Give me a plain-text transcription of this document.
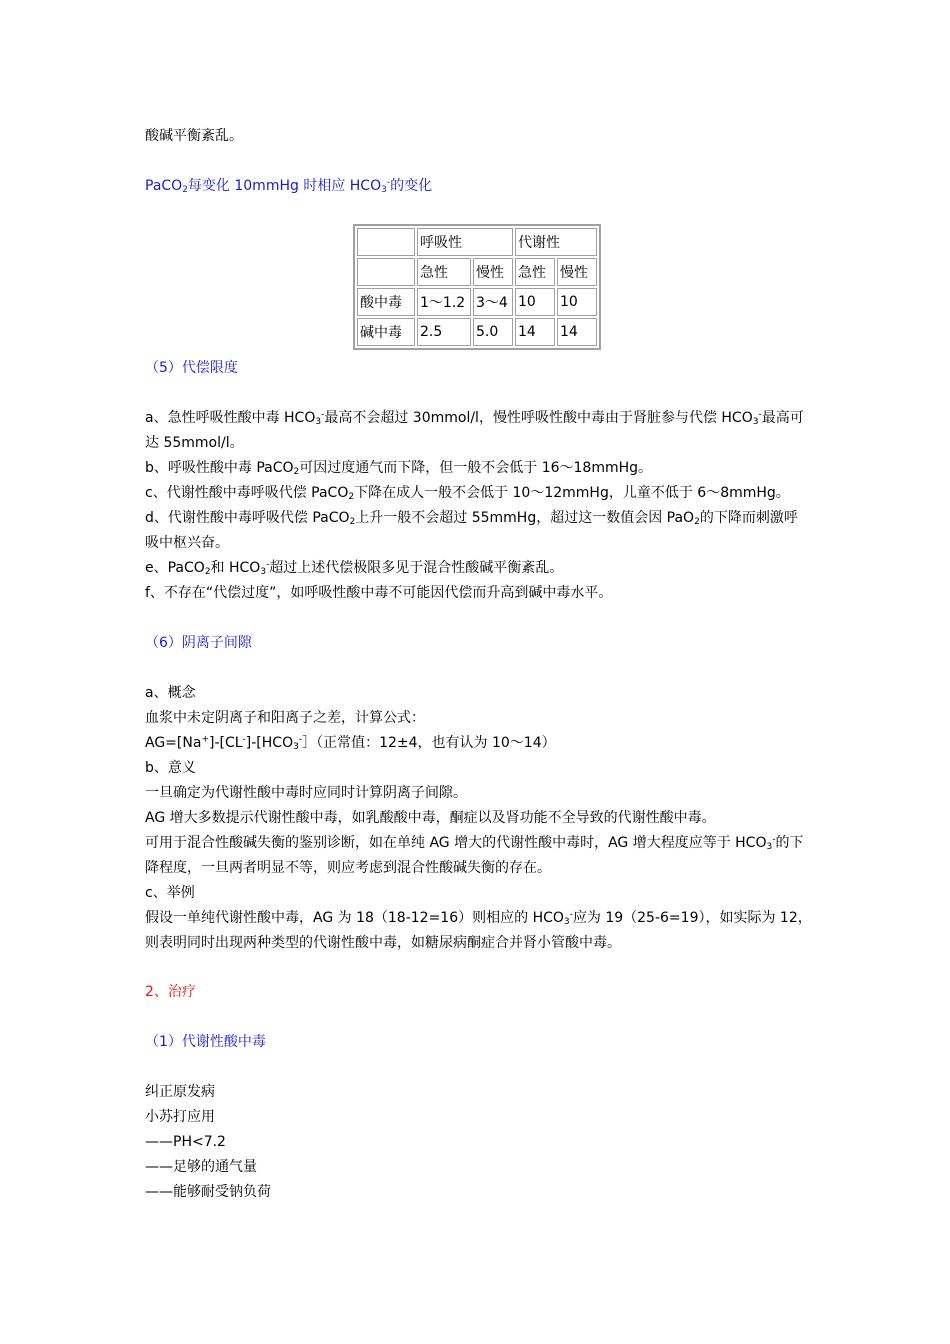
酸碱平衡紊乱。
PaCO$_2$每变化 10mmHg 时相应 $HCO_3^-$的变化
	呼吸性		代谢性	
	急性	慢性	急性	慢性
酸中毒	1～1.2	3～4	10	10
碱中毒	2.5	5.0	14	14
（5）代偿限度
a、急性呼吸性酸中毒 $HCO_3^-$最高不会超过 30mmol/l，慢性呼吸性酸中毒由于肾脏参与代偿 $HCO_3^-$最高可
达 55mmol/l。
b、呼吸性酸中毒 PaCO$_2$可因过度通气而下降，但一般不会低于 16～18mmHg。
c、代谢性酸中毒呼吸代偿 PaCO$_2$下降在成人一般不会低于 10～12mmHg，儿童不低于 6～8mmHg。
d、代谢性酸中毒呼吸代偿 PaCO$_2$上升一般不会超过 55mmHg，超过这一数值会因 PaO$_2$的下降而刺激呼
吸中枢兴奋。
e、PaCO$_2$和 $HCO_3^-$超过上述代偿极限多见于混合性酸碱平衡紊乱。
f、不存在“代偿过度”，如呼吸性酸中毒不可能因代偿而升高到碱中毒水平。
（6）阴离子间隙
a、概念
血浆中未定阴离子和阳离子之差，计算公式：
$AG=[Na^+]-[CL^-]-[HCO_3^-]$（正常值：12±4，也有认为 10～14）
b、意义
一旦确定为代谢性酸中毒时应同时计算阴离子间隙。
AG 增大多数提示代谢性酸中毒，如乳酸酸中毒，酮症以及肾功能不全导致的代谢性酸中毒。
可用于混合性酸碱失衡的鉴别诊断，如在单纯 AG 增大的代谢性酸中毒时，AG 增大程度应等于 $HCO_3^-$的下
降程度，一旦两者明显不等，则应考虑到混合性酸碱失衡的存在。
c、举例
假设一单纯代谢性酸中毒，AG 为 18（18-12=16）则相应的 $HCO_3^-$应为 19（25-6=19），如实际为 12，
则表明同时出现两种类型的代谢性酸中毒，如糖尿病酮症合并肾小管酸中毒。
2、治疗
（1）代谢性酸中毒
纠正原发病
小苏打应用
——PH<7.2
——足够的通气量
——能够耐受钠负荷
